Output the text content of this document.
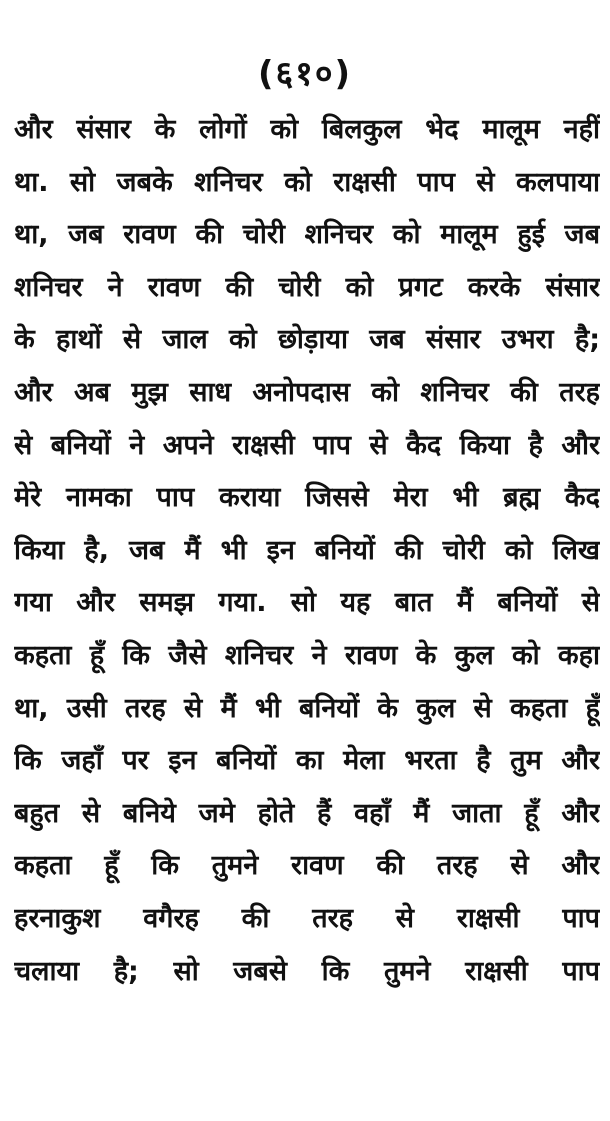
(६१०)
और संसार के लोगों को बिलकुल भेद मालूम नहीं
था. सो जबके शनिचर को राक्षसी पाप से कलपाया
था, जब रावण की चोरी शनिचर को मालूम हुई जब
शनिचर ने रावण की चोरी को प्रगट करके संसार
के हाथों से जाल को छोड़ाया जब संसार उभरा है;
और अब मुझ साध अनोपदास को शनिचर की तरह
से बनियों ने अपने राक्षसी पाप से कैद किया है और
मेरे नामका पाप कराया जिससे मेरा भी ब्रह्म कैद
किया है, जब मैं भी इन बनियों की चोरी को लिख
गया और समझ गया. सो यह बात मैं बनियों से
कहता हूँ कि जैसे शनिचर ने रावण के कुल को कहा
था, उसी तरह से मैं भी बनियों के कुल से कहता हूँ
कि जहाँ पर इन बनियों का मेला भरता है तुम और
बहुत से बनिये जमे होते हैं वहाँ मैं जाता हूँ और
कहता हूँ कि तुमने रावण की तरह से और
हरनाकुश वगैरह की तरह से राक्षसी पाप
चलाया है; सो जबसे कि तुमने राक्षसी पाप
